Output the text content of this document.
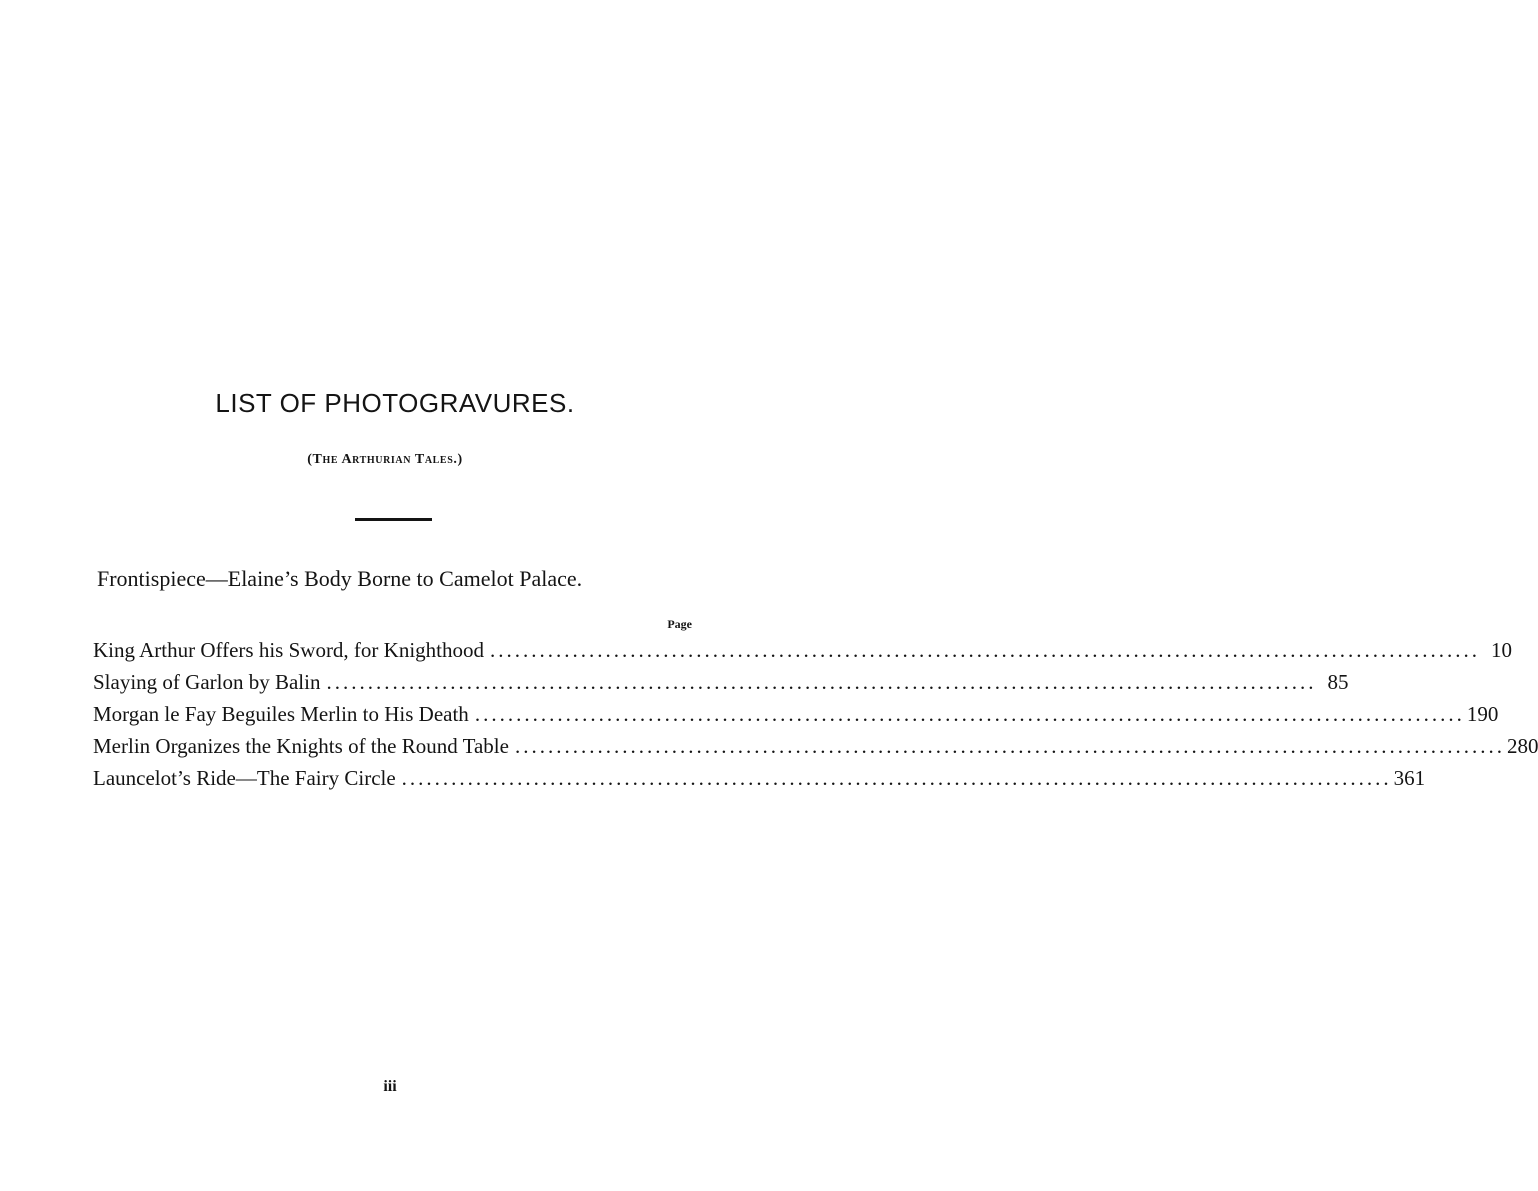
LIST OF PHOTOGRAVURES.
(The Arthurian Tales.)
Frontispiece—Elaine’s Body Borne to Camelot Palace.
Page
King Arthur Offers his Sword, for Knighthood ........................................................................................................................ 10
Slaying of Garlon by Balin ........................................................................................................................ 85
Morgan le Fay Beguiles Merlin to His Death ........................................................................................................................ 190
Merlin Organizes the Knights of the Round Table ........................................................................................................................ 280
Launcelot’s Ride—The Fairy Circle ........................................................................................................................ 361
iii
